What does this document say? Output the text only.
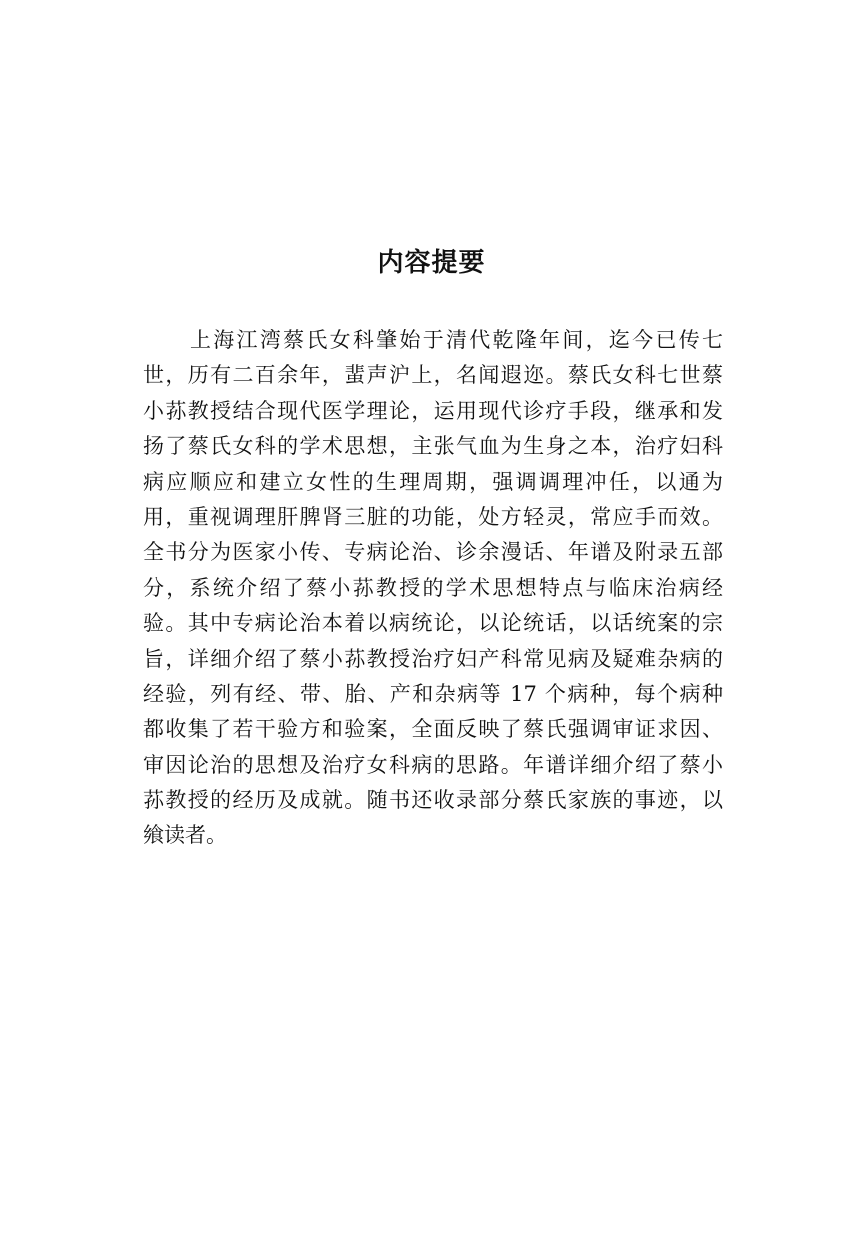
内容提要
上海江湾蔡氏女科肇始于清代乾隆年间，迄今已传七
世，历有二百余年，蜚声沪上，名闻遐迩。蔡氏女科七世蔡
小荪教授结合现代医学理论，运用现代诊疗手段，继承和发
扬了蔡氏女科的学术思想，主张气血为生身之本，治疗妇科
病应顺应和建立女性的生理周期，强调调理冲任，以通为
用，重视调理肝脾肾三脏的功能，处方轻灵，常应手而效。
全书分为医家小传、专病论治、诊余漫话、年谱及附录五部
分，系统介绍了蔡小荪教授的学术思想特点与临床治病经
验。其中专病论治本着以病统论，以论统话，以话统案的宗
旨，详细介绍了蔡小荪教授治疗妇产科常见病及疑难杂病的
经验，列有经、带、胎、产和杂病等 17 个病种，每个病种
都收集了若干验方和验案，全面反映了蔡氏强调审证求因、
审因论治的思想及治疗女科病的思路。年谱详细介绍了蔡小
荪教授的经历及成就。随书还收录部分蔡氏家族的事迹，以
飨读者。
